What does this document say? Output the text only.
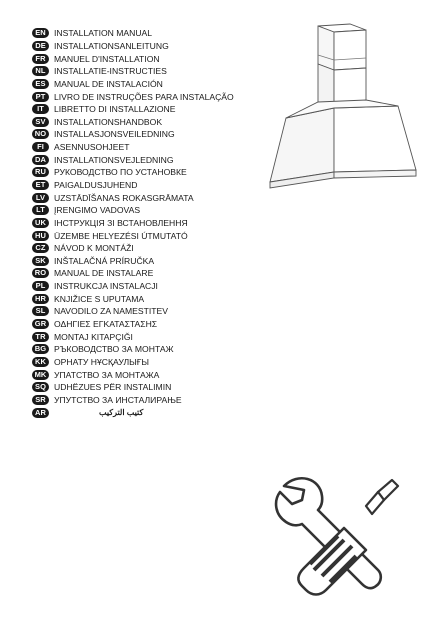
EN INSTALLATION MANUAL
DE INSTALLATIONSANLEITUNG
FR MANUEL D'INSTALLATION
NL INSTALLATIE-INSTRUCTIES
ES MANUAL DE INSTALACIÓN
PT	LIVRO DE INSTRUÇÕES PARA INSTALAÇÃO
IT	LIBRETTO DI INSTALLAZIONE
SV INSTALLATIONSHANDBOK
NO INSTALLASJONSVEILEDNING
FI	ASENNUSOHJEET
DA INSTALLATIONSVEJLEDNING
RU РУКОВОДСТВО ПО УСТАНОВКЕ
ET	PAIGALDUSJUHEND
LV	UZSTĀDĪŠANAS ROKASGRĀMATA
LT	ĮRENGIMO VADOVAS
UK ІНСТРУКЦІЯ ЗІ ВСТАНОВЛЕННЯ
HU ÜZEMBE HELYEZÉSI ÚTMUTATÓ
CZ NÁVOD K MONTÁŽI
SK INŠTALAČNÁ PRÍRUČKA
RO MANUAL DE INSTALARE
PL	INSTRUKCJA INSTALACJI
HR KNJIŽICE S UPUTAMA
SL	NAVODILO ZA NAMESTITEV
GR ΟΔΗΓΙΕΣ ΕΓΚΑΤΑΣΤΑΣΗΣ
TR MONTAJ KITAPÇIĞI
BG РЪКОВОДСТВО ЗА МОНТАЖ
KK ОРНАТУ НҰСҚАУЛЫҒЫ
MK УПАТСТВО ЗА МОНТАЖА
SQ UDHËZUES PËR INSTALIMIN
SR УПУТСТВО ЗА ИНСТАЛИРАЊЕ
AR	كتيب التركيب
